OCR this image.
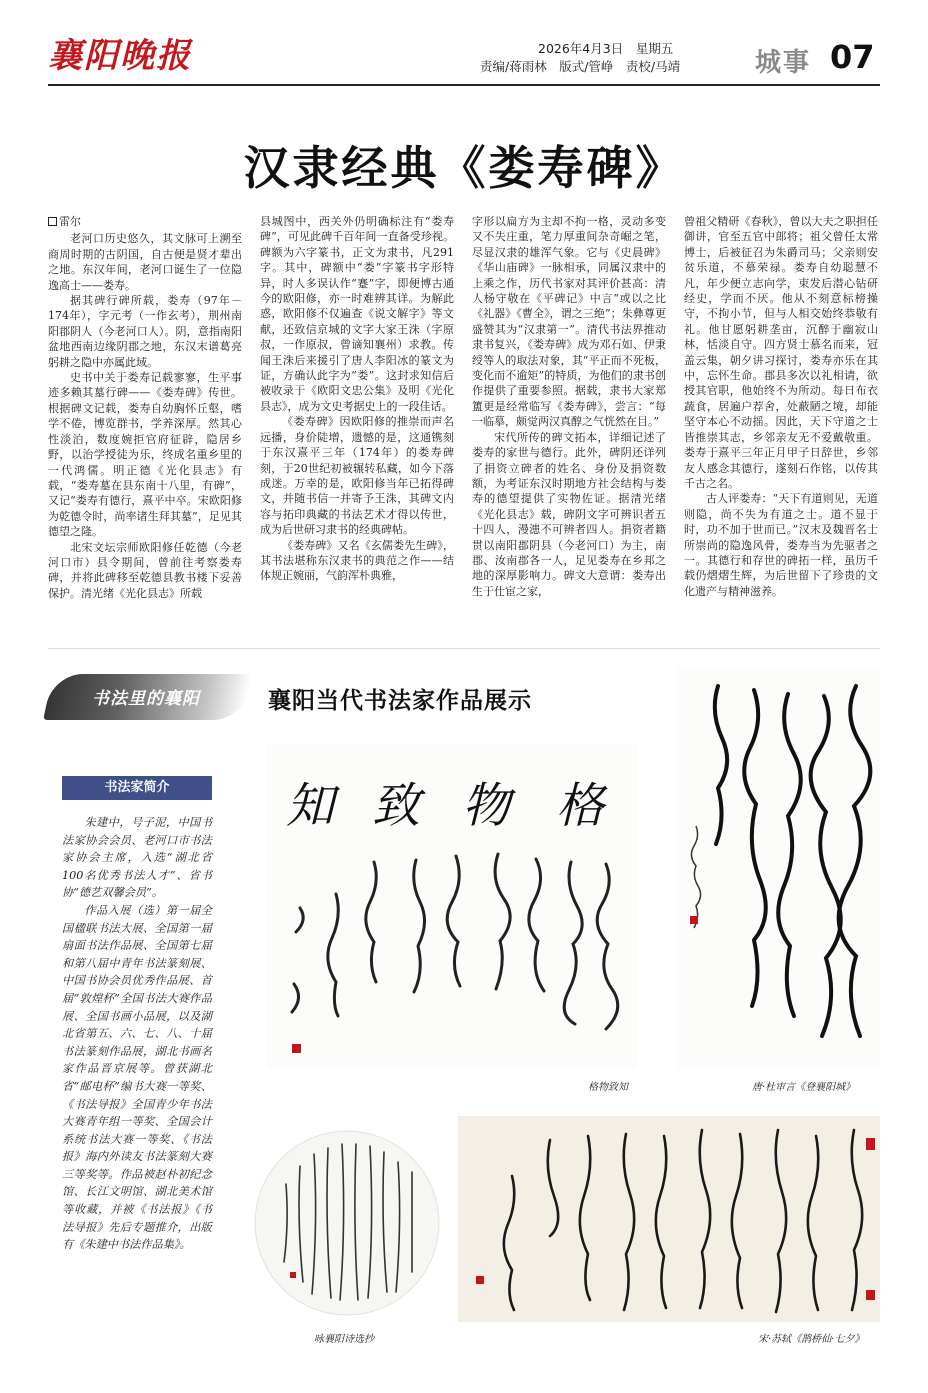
襄阳晚报	2026年4月3日　星期五
责编/蒋雨林　版式/管峥　责校/马靖	城事 07
汉隶经典《娄寿碑》
雷尔

老河口历史悠久，其文脉可上溯至商周时期的古阴国，自古便是贤才辈出之地。东汉年间，老河口诞生了一位隐逸高士——娄寿。

据其碑行碑所载，娄寿（97年－174年），字元考（一作玄考），荆州南阳郡阴人（今老河口人）。阴，意指南阳盆地西南边缘阴郡之地，东汉末谱葛亮躬耕之隐中亦属此域。

史书中关于娄寿记载寥寥，生平事迹多赖其墓行碑——《娄寿碑》传世。根据碑文记载，娄寿自幼胸怀丘壑，嗜学不倦，博览群书，学养深厚。然其心性淡泊，数度婉拒官府征辟，隐居乡野，以治学授徒为乐，终成名重乡里的一代鸿儒。明正德《光化县志》有载，“娄寿墓在县东南十八里，有碑”，又记“娄寿有德行，熹平中卒。宋欧阳修为乾德令时，尚率诸生拜其墓”，足见其德望之隆。

北宋文坛宗师欧阳修任乾德（今老河口市）县令期间，曾前往考察娄寿碑，并将此碑移至乾德县教书楼下妥善保护。清光绪《光化县志》所载

县城图中，西关外仍明确标注有“娄寿碑”，可见此碑千百年间一直备受珍视。碑额为六字篆书，正文为隶书，凡291字。其中，碑额中“娄”字篆书字形特异，时人多误认作“蹇”字，即便博古通今的欧阳修，亦一时难辨其详。为解此惑，欧阳修不仅遍查《说文解字》等文献，还致信京城的文字大家王洙（字原叔，一作原叔，曾谪知襄州）求教。传闻王洙后来援引了唐人李阳冰的篆文为证，方确认此字为“娄”。这封求知信后被收录于《欧阳文忠公集》及明《光化县志》，成为文史考据史上的一段佳话。

《娄寿碑》因欧阳修的推崇而声名远播，身价陡增，遗憾的是，这通镌刻于东汉熹平三年（174年）的娄寿碑刻，于20世纪初被辗转私藏，如今下落成迷。万幸的是，欧阳修当年已拓得碑文，并随书信一并寄予王洙，其碑文内容与拓印典藏的书法艺术才得以传世，成为后世研习隶书的经典碑帖。

《娄寿碑》又名《玄儒娄先生碑》，其书法堪称东汉隶书的典范之作——结体规正婉丽，气韵浑朴典雅，

字形以扁方为主却不拘一格，灵动多变又不失庄重，笔力厚重间杂奇崛之笔，尽显汉隶的雄浑气象。它与《史晨碑》《华山庙碑》一脉相承，同属汉隶中的上乘之作，历代书家对其评价甚高：清人杨守敬在《平碑记》中言“或以之比《礼器》《曹全》，谓之三绝”；朱彝尊更盛赞其为“汉隶第一”。清代书法界推动隶书复兴，《娄寿碑》成为邓石如、伊秉绶等人的取法对象，其“平正而不死板，变化而不逾矩”的特质，为他们的隶书创作提供了重要参照。据载，隶书大家郑簠更是经常临写《娄寿碑》，尝言：“每一临摹，颇觉两汉真醇之气恍然在目。”

宋代所传的碑文拓本，详细记述了娄寿的家世与德行。此外，碑阴还详列了捐资立碑者的姓名、身份及捐资数额，为考证东汉时期地方社会结构与娄寿的德望提供了实物佐证。据清光绪《光化县志》载，碑阴文字可辨识者五十四人，漫漶不可辨者四人。捐资者籍贯以南阳郡阴县（今老河口）为主，南郡、汝南郡各一人，足见娄寿在乡邦之地的深厚影响力。碑文大意谓：娄寿出生于仕宦之家，

曾祖父精研《春秋》，曾以大夫之职担任御讲，官至五官中郎将；祖父曾任太常博士，后被征召为朱爵司马；父亲则安贫乐道，不慕荣禄。娄寿自幼聪慧不凡，年少便立志向学，束发后潜心钻研经史，学而不厌。他从不刻意标榜操守，不拘小节，但与人相交始终恭敬有礼。他甘愿躬耕垄亩，沉醉于幽寂山林，恬淡自守。四方贤士慕名而来，冠盖云集，朝夕讲习探讨，娄寿亦乐在其中，忘怀生命。郡县多次以礼相请，欲授其官职，他始终不为所动。每日布衣蔬食，居遍户荐舍，处蔽陋之境，却能坚守本心不动摇。因此，天下守道之士皆推崇其志，乡邻亲友无不爱戴敬重。娄寿于熹平三年正月甲子日辞世，乡邻友人感念其德行，遂刻石作铭，以传其千古之名。

古人评娄寿：“天下有道则见，无道则隐，尚不失为有道之士。道不显于时，功不加于世而已。”汉末及魏晋名士所崇尚的隐逸风骨，娄寿当为先驱者之一。其德行和存世的碑拓一样，虽历千载仍熠熠生辉，为后世留下了珍贵的文化遗产与精神滋养。

书法里的襄阳	襄阳当代书法家作品展示
书法家简介

朱建中，号子泥，中国书法家协会会员、老河口市书法家协会主席，入选“湖北省100名优秀书法人才”、省书协“德艺双馨会员”。

作品入展（选）第一届全国楹联书法大展、全国第一届扇面书法作品展、全国第七届和第八届中青年书法篆刻展、中国书协会员优秀作品展、首届“敦煌杯”全国书法大赛作品展、全国书画小品展，以及湖北省第五、六、七、八、十届书法篆刻作品展，湖北书画名家作品晋京展等。曾获湖北省“邮电杯”编书大赛一等奖、《书法导报》全国青少年书法大赛青年组一等奖、全国会计系统书法大赛一等奖、《书法报》海内外读友书法篆刻大赛三等奖等。作品被赵朴初纪念馆、长江文明馆、湖北美术馆等收藏，并被《书法报》《书法导报》先后专题推介，出版有《朱建中书法作品集》。

知 致 物 格
格物致知	唐·杜审言《登襄阳城》
咏襄阳诗选抄	宋·苏轼《鹊桥仙·七夕》
